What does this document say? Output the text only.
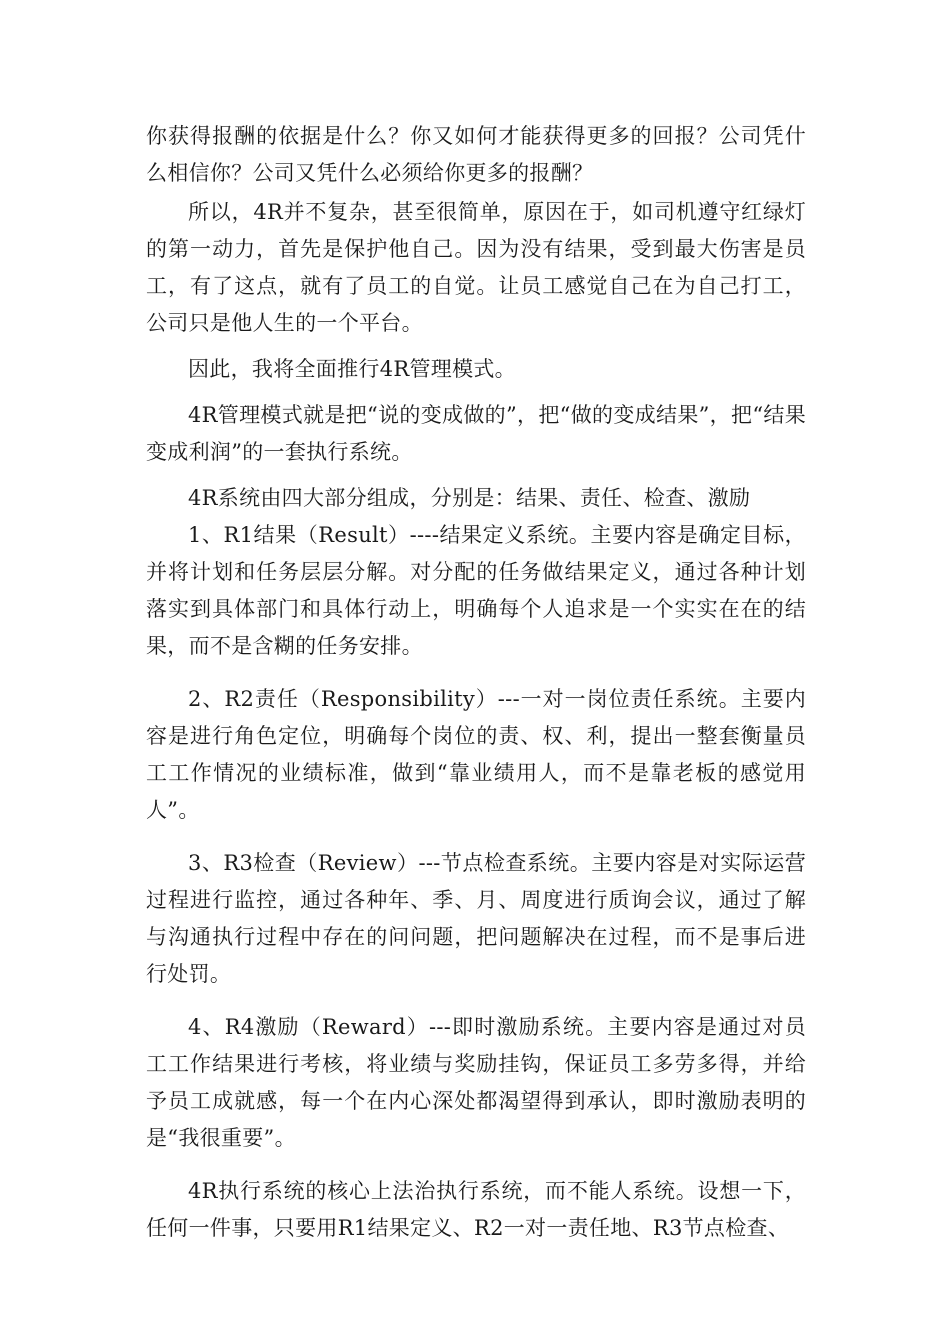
你获得报酬的依据是什么？你又如何才能获得更多的回报？公司凭什么相信你？公司又凭什么必须给你更多的报酬？

所以，4R并不复杂，甚至很简单，原因在于，如司机遵守红绿灯的第一动力，首先是保护他自己。因为没有结果，受到最大伤害是员工，有了这点，就有了员工的自觉。让员工感觉自己在为自己打工，公司只是他人生的一个平台。

因此，我将全面推行4R管理模式。

4R管理模式就是把“说的变成做的”，把“做的变成结果”，把“结果变成利润”的一套执行系统。

4R系统由四大部分组成，分别是：结果、责任、检查、激励

1、R1结果（Result）----结果定义系统。主要内容是确定目标，并将计划和任务层层分解。对分配的任务做结果定义，通过各种计划落实到具体部门和具体行动上，明确每个人追求是一个实实在在的结果，而不是含糊的任务安排。

2、R2责任（Responsibility）---一对一岗位责任系统。主要内容是进行角色定位，明确每个岗位的责、权、利，提出一整套衡量员工工作情况的业绩标准，做到“靠业绩用人，而不是靠老板的感觉用人”。

3、R3检查（Review）---节点检查系统。主要内容是对实际运营过程进行监控，通过各种年、季、月、周度进行质询会议，通过了解与沟通执行过程中存在的问问题，把问题解决在过程，而不是事后进行处罚。

4、R4激励（Reward）---即时激励系统。主要内容是通过对员工工作结果进行考核，将业绩与奖励挂钩，保证员工多劳多得，并给予员工成就感，每一个在内心深处都渴望得到承认，即时激励表明的是“我很重要”。

4R执行系统的核心上法治执行系统，而不能人系统。设想一下，任何一件事，只要用R1结果定义、R2一对一责任地、R3节点检查、
